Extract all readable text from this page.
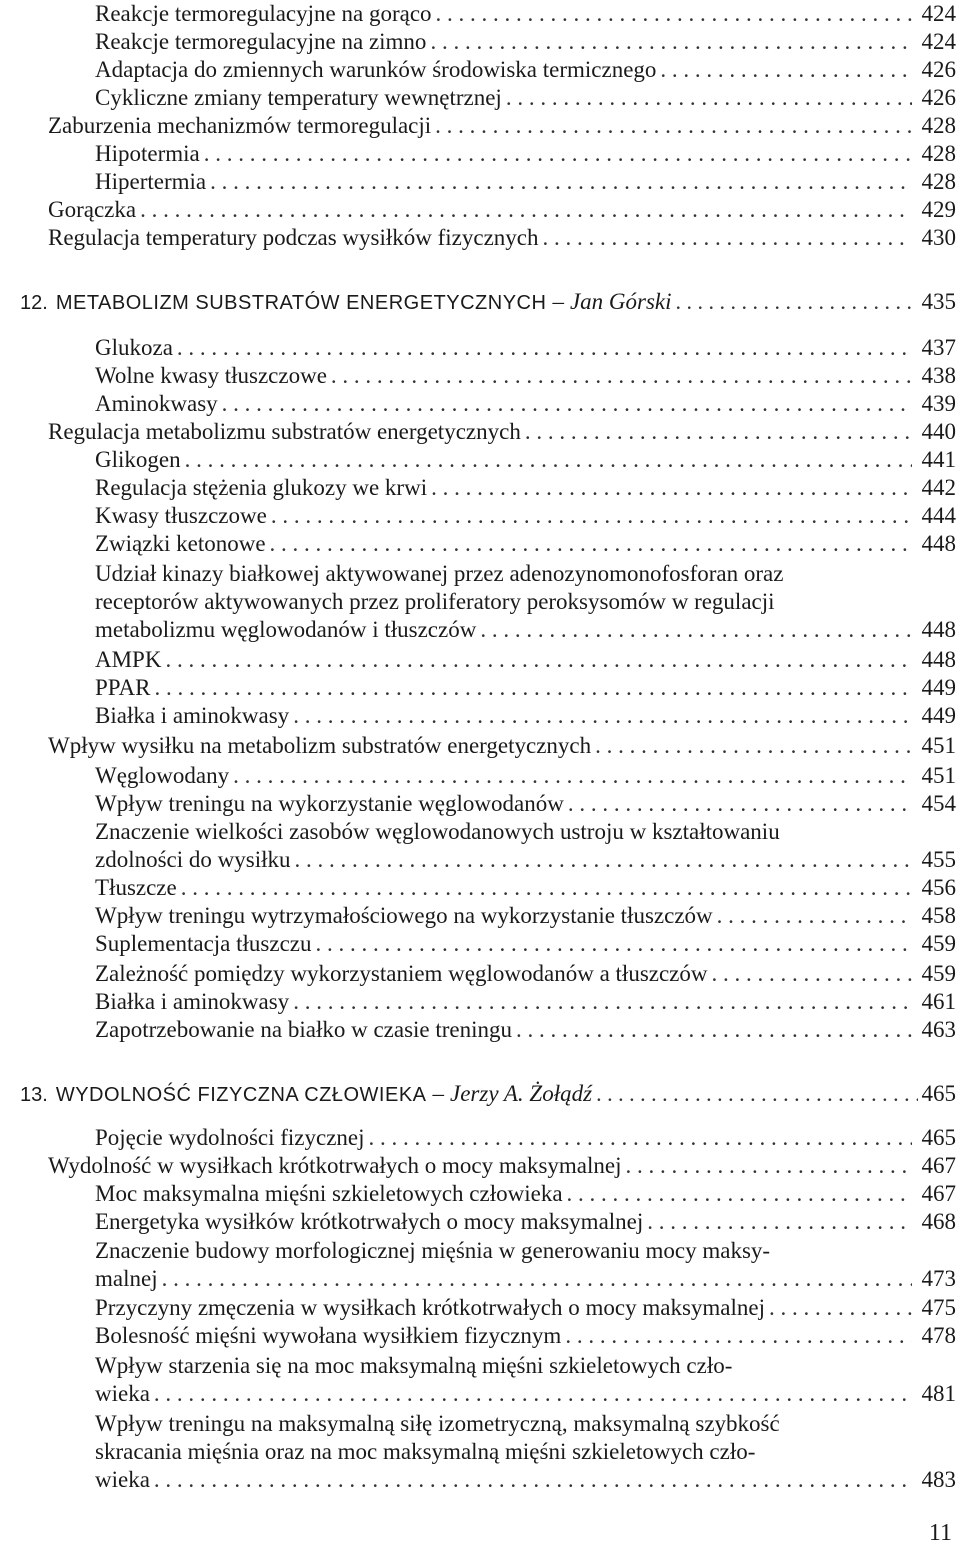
Reakcje termoregulacyjne na gorąco . . .	424
Reakcje termoregulacyjne na zimno . . .	424
Adaptacja do zmiennych warunków środowiska termicznego . . .	426
Cykliczne zmiany temperatury wewnętrznej . . .	426
Zaburzenia mechanizmów termoregulacji . . .	428
Hipotermia . . .	428
Hipertermia . . .	428
Gorączka . . .	429
Regulacja temperatury podczas wysiłków fizycznych . . .	430
12. METABOLIZM SUBSTRATÓW ENERGETYCZNYCH – Jan Górski . . .	435
Glukoza . . .	437
Wolne kwasy tłuszczowe . . .	438
Aminokwasy . . .	439
Regulacja metabolizmu substratów energetycznych . . .	440
Glikogen . . .	441
Regulacja stężenia glukozy we krwi . . .	442
Kwasy tłuszczowe . . .	444
Związki ketonowe . . .	448
Udział kinazy białkowej aktywowanej przez adenozynomonofosforan oraz
receptorów aktywowanych przez proliferatory peroksysomów w regulacji
metabolizmu węglowodanów i tłuszczów . . .	448
AMPK . . .	448
PPAR . . .	449
Białka i aminokwasy . . .	449
Wpływ wysiłku na metabolizm substratów energetycznych . . .	451
Węglowodany . . .	451
Wpływ treningu na wykorzystanie węglowodanów . . .	454
Znaczenie wielkości zasobów węglowodanowych ustroju w kształtowaniu
zdolności do wysiłku . . .	455
Tłuszcze . . .	456
Wpływ treningu wytrzymałościowego na wykorzystanie tłuszczów . . .	458
Suplementacja tłuszczu . . .	459
Zależność pomiędzy wykorzystaniem węglowodanów a tłuszczów . . .	459
Białka i aminokwasy . . .	461
Zapotrzebowanie na białko w czasie treningu . . .	463
13. WYDOLNOŚĆ FIZYCZNA CZŁOWIEKA – Jerzy A. Żołądź . . .	465
Pojęcie wydolności fizycznej . . .	465
Wydolność w wysiłkach krótkotrwałych o mocy maksymalnej . . .	467
Moc maksymalna mięśni szkieletowych człowieka . . .	467
Energetyka wysiłków krótkotrwałych o mocy maksymalnej . . .	468
Znaczenie budowy morfologicznej mięśnia w generowaniu mocy maksy-
malnej . . .	473
Przyczyny zmęczenia w wysiłkach krótkotrwałych o mocy maksymalnej . . .	475
Bolesność mięśni wywołana wysiłkiem fizycznym . . .	478
Wpływ starzenia się na moc maksymalną mięśni szkieletowych czło-
wieka . . .	481
Wpływ treningu na maksymalną siłę izometryczną, maksymalną szybkość
skracania mięśnia oraz na moc maksymalną mięśni szkieletowych czło-
wieka . . .	483
11
